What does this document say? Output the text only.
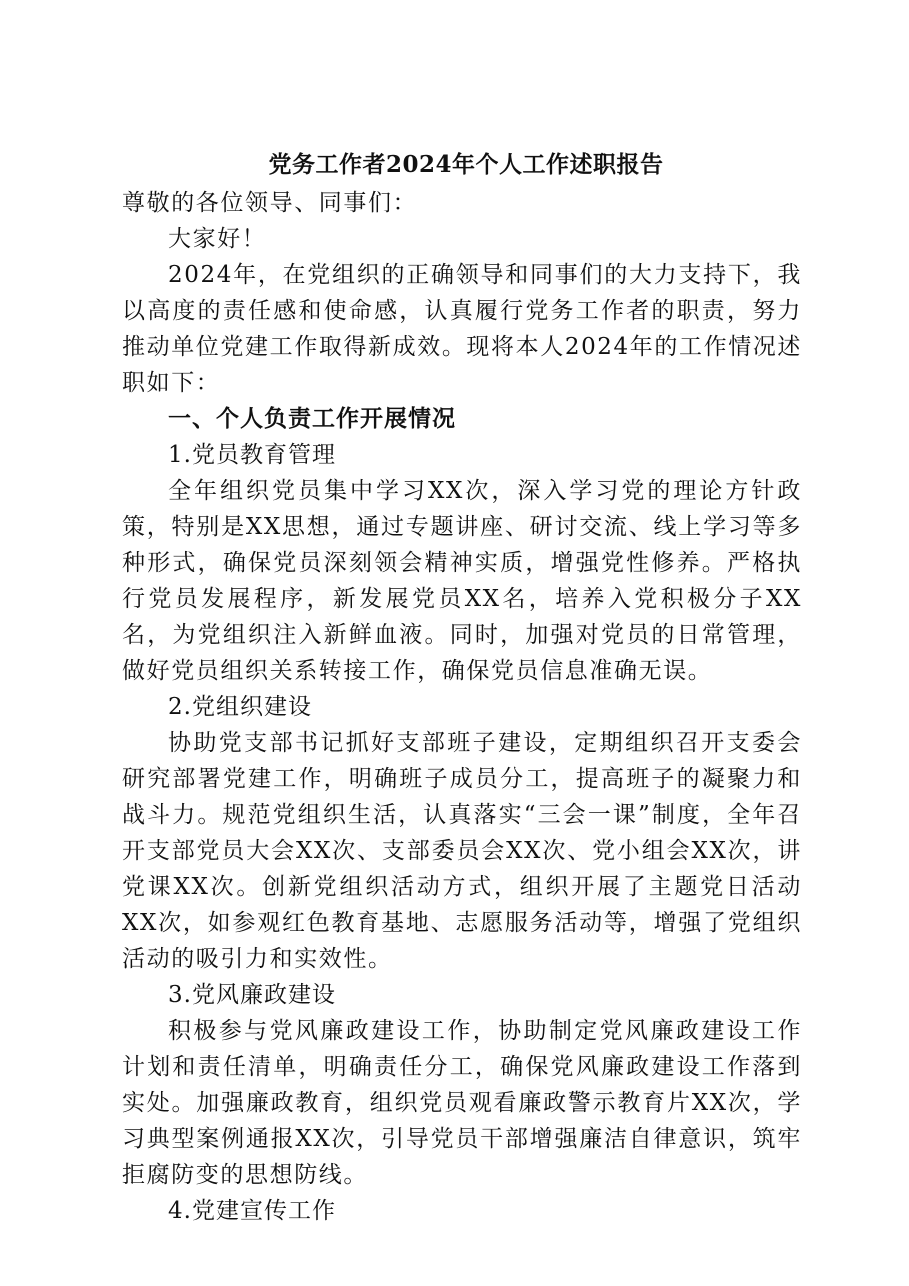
党务工作者2024年个人工作述职报告

尊敬的各位领导、同事们：

大家好！

2024年，在党组织的正确领导和同事们的大力支持下，我以高度的责任感和使命感，认真履行党务工作者的职责，努力推动单位党建工作取得新成效。现将本人2024年的工作情况述职如下：

一、个人负责工作开展情况

1.党员教育管理

全年组织党员集中学习XX次，深入学习党的理论方针政策，特别是XX思想，通过专题讲座、研讨交流、线上学习等多种形式，确保党员深刻领会精神实质，增强党性修养。严格执行党员发展程序，新发展党员XX名，培养入党积极分子XX名，为党组织注入新鲜血液。同时，加强对党员的日常管理，做好党员组织关系转接工作，确保党员信息准确无误。

2.党组织建设

协助党支部书记抓好支部班子建设，定期组织召开支委会研究部署党建工作，明确班子成员分工，提高班子的凝聚力和战斗力。规范党组织生活，认真落实“三会一课”制度，全年召开支部党员大会XX次、支部委员会XX次、党小组会XX次，讲党课XX次。创新党组织活动方式，组织开展了主题党日活动XX次，如参观红色教育基地、志愿服务活动等，增强了党组织活动的吸引力和实效性。

3.党风廉政建设

积极参与党风廉政建设工作，协助制定党风廉政建设工作计划和责任清单，明确责任分工，确保党风廉政建设工作落到实处。加强廉政教育，组织党员观看廉政警示教育片XX次，学习典型案例通报XX次，引导党员干部增强廉洁自律意识，筑牢拒腐防变的思想防线。

4.党建宣传工作
